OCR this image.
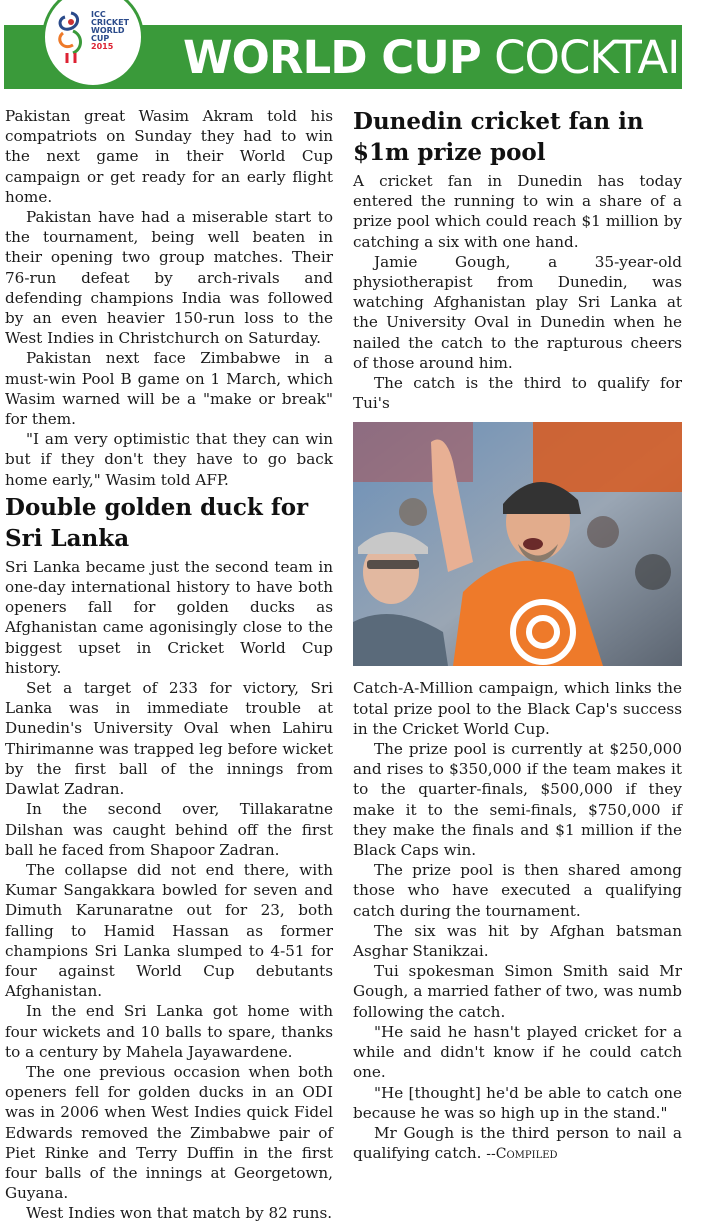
WORLD CUP COCKTAIL
ICC
CRICKET
WORLD
CUP
2015

Pakistan great Wasim Akram told his compatriots on Sunday they had to win the next game in their World Cup campaign or get ready for an early flight home.

Pakistan have had a miserable start to the tournament, being well beaten in their opening two group matches. Their 76-run defeat by arch-rivals and defending champions India was followed by an even heavier 150-run loss to the West Indies in Christchurch on Saturday.

Pakistan next face Zimbabwe in a must-win Pool B game on 1 March, which Wasim warned will be a "make or break" for them.

"I am very optimistic that they can win but if they don't they have to go back home early," Wasim told AFP.

Double golden duck for Sri Lanka

Sri Lanka became just the second team in one-day international history to have both openers fall for golden ducks as Afghanistan came agonisingly close to the biggest upset in Cricket World Cup history.

Set a target of 233 for victory, Sri Lanka was in immediate trouble at Dunedin's University Oval when Lahiru Thirimanne was trapped leg before wicket by the first ball of the innings from Dawlat Zadran.

In the second over, Tillakaratne Dilshan was caught behind off the first ball he faced from Shapoor Zadran.

The collapse did not end there, with Kumar Sangakkara bowled for seven and Dimuth Karunaratne out for 23, both falling to Hamid Hassan as former champions Sri Lanka slumped to 4-51 for four against World Cup debutants Afghanistan.

In the end Sri Lanka got home with four wickets and 10 balls to spare, thanks to a century by Mahela Jayawardene.

The one previous occasion when both openers fell for golden ducks in an ODI was in 2006 when West Indies quick Fidel Edwards removed the Zimbabwe pair of Piet Rinke and Terry Duffin in the first four balls of the innings at Georgetown, Guyana.

West Indies won that match by 82 runs.

Dunedin cricket fan in $1m prize pool

A cricket fan in Dunedin has today entered the running to win a share of a prize pool which could reach $1 million by catching a six with one hand.

Jamie Gough, a 35-year-old physiotherapist from Dunedin, was watching Afghanistan play Sri Lanka at the University Oval in Dunedin when he nailed the catch to the rapturous cheers of those around him.

The catch is the third to qualify for Tui's

Catch-A-Million campaign, which links the total prize pool to the Black Cap's success in the Cricket World Cup.

The prize pool is currently at $250,000 and rises to $350,000 if the team makes it to the quarter-finals, $500,000 if they make it to the semi-finals, $750,000 if they make the finals and $1 million if the Black Caps win.

The prize pool is then shared among those who have executed a qualifying catch during the tournament.

The six was hit by Afghan batsman Asghar Stanikzai.

Tui spokesman Simon Smith said Mr Gough, a married father of two, was numb following the catch.

"He said he hasn't played cricket for a while and didn't know if he could catch one.

"He [thought] he'd be able to catch one because he was so high up in the stand."

Mr Gough is the third person to nail a qualifying catch. --Compiled
